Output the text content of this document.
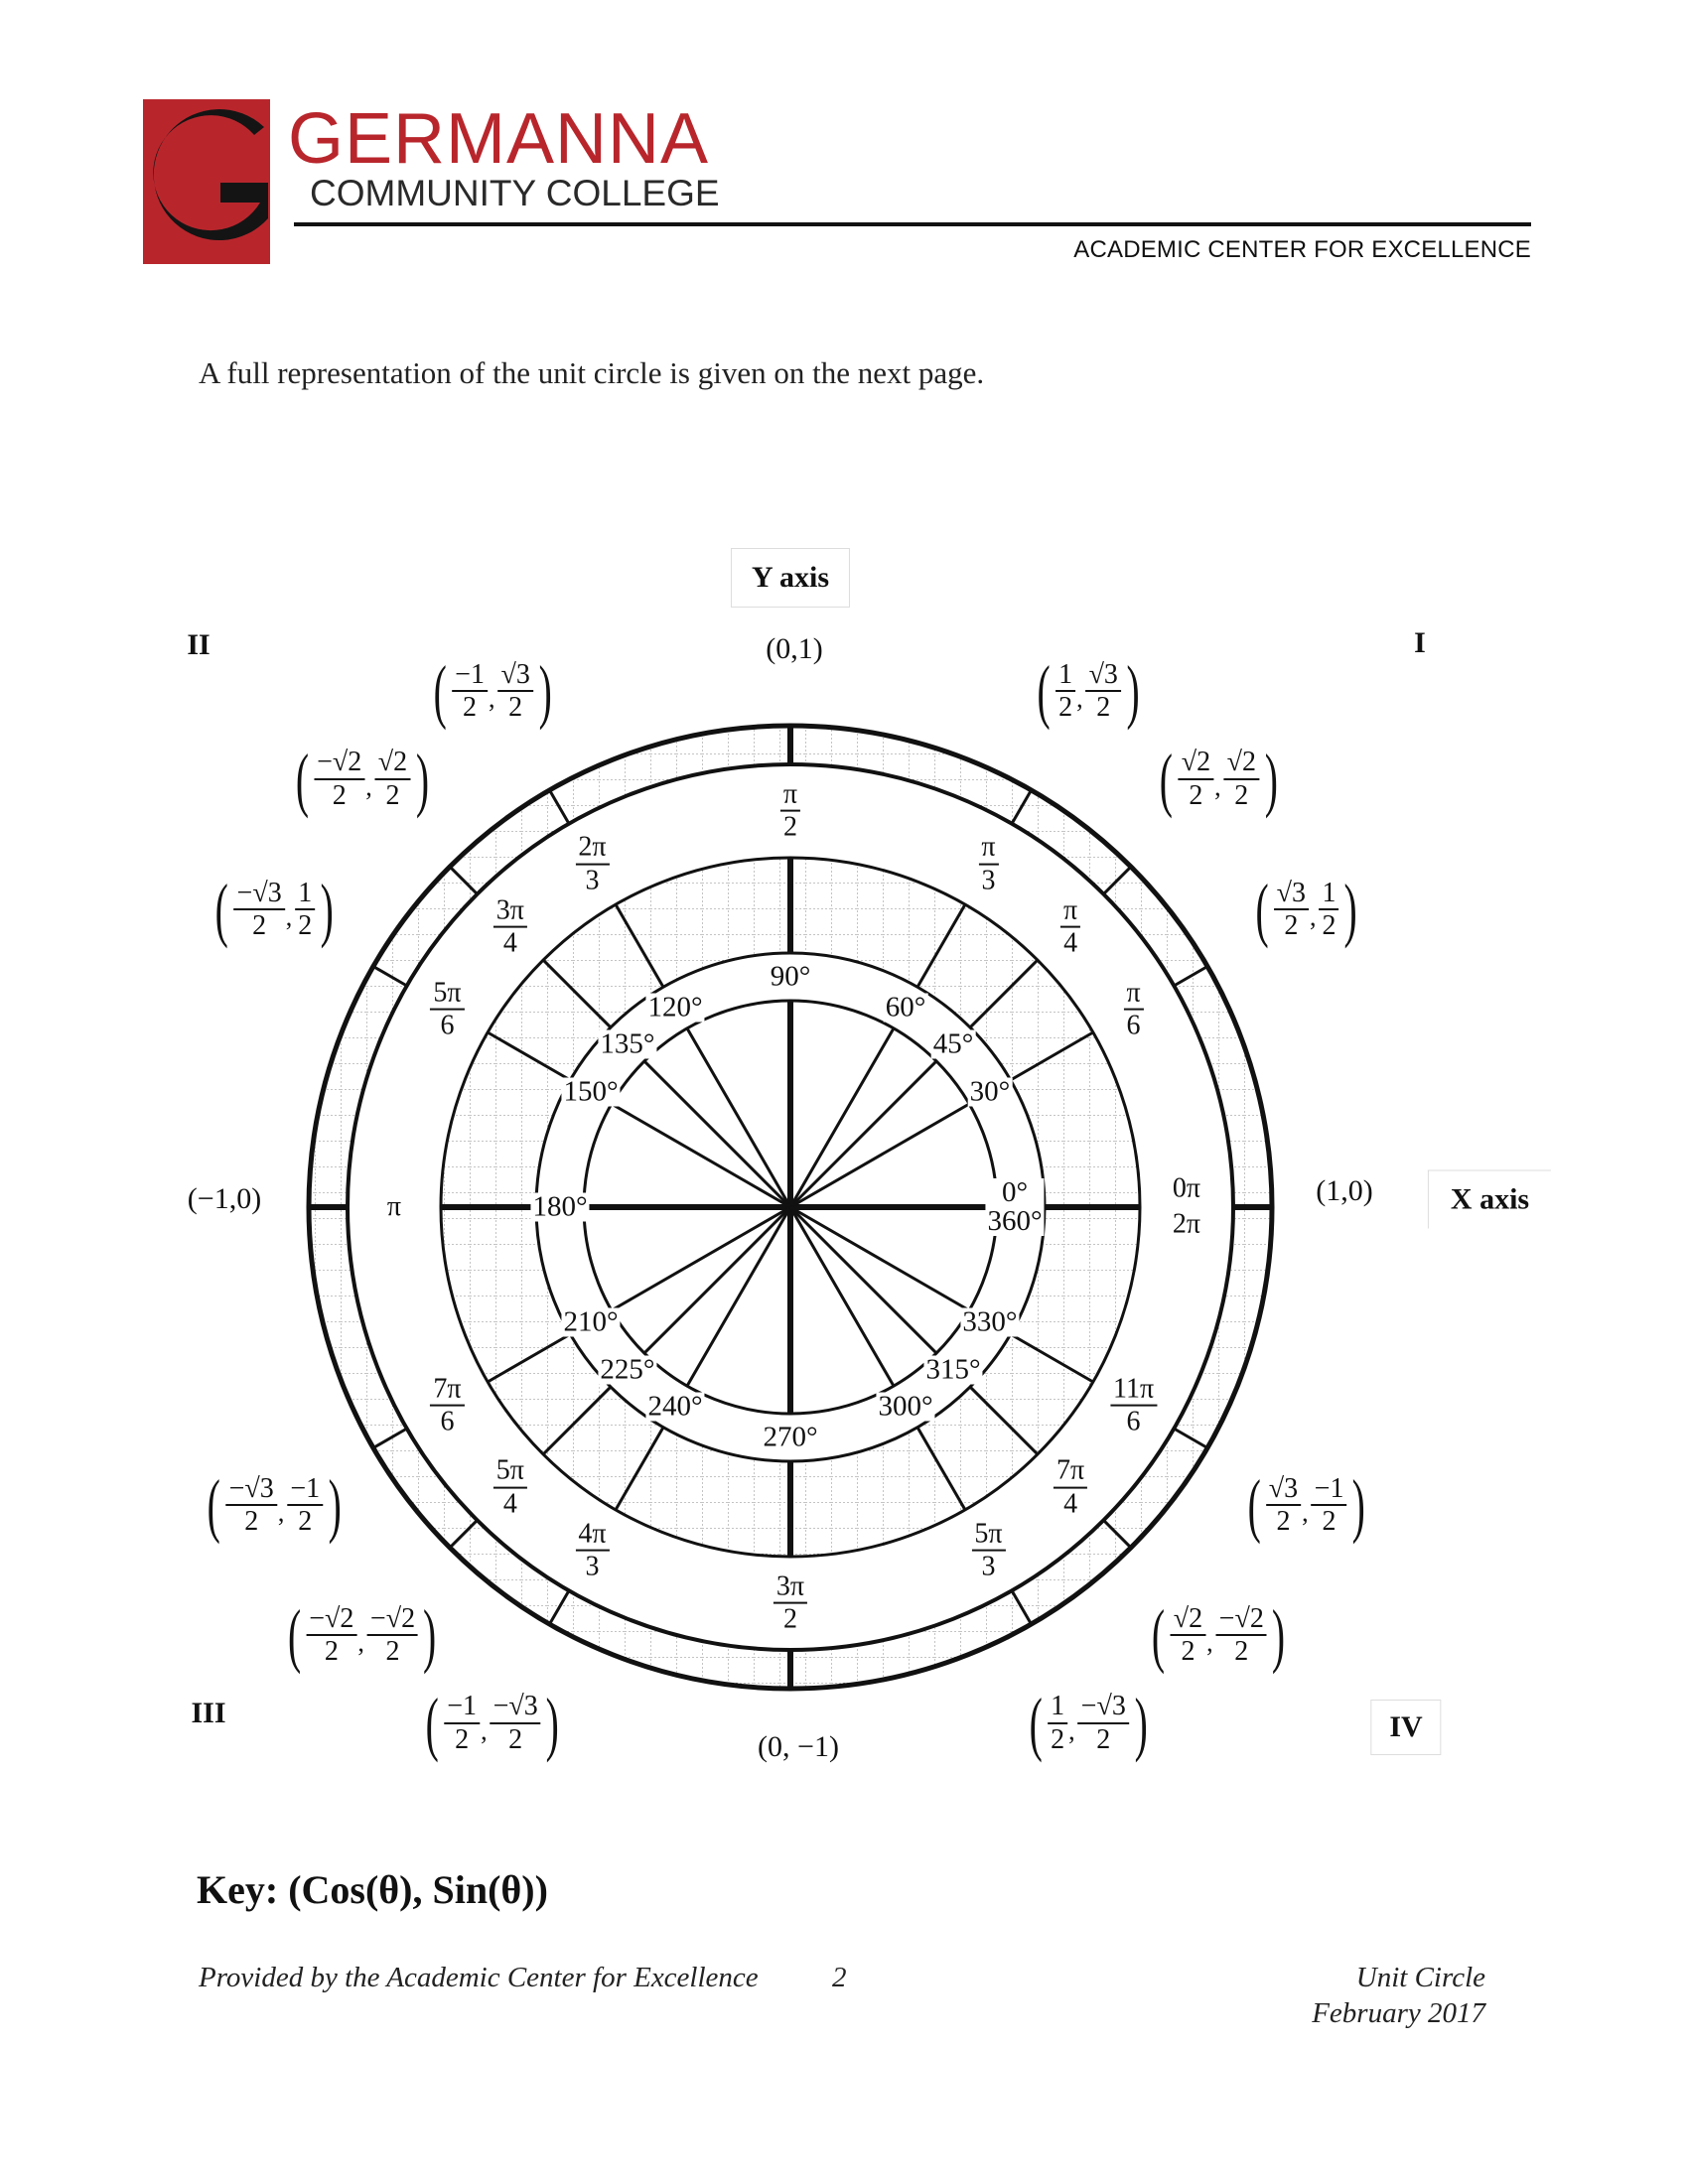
GERMANNA
COMMUNITY COLLEGE
ACADEMIC CENTER FOR EXCELLENCE
A full representation of the unit circle is given on the next page.
Y axis
X axis
II	I
III	IV
(0,1)
(0, −1)
(−1,0)	(1,0)
0°
360°
0π
2π
30°
$\frac{\pi}{6}$
( $\frac{√3}{2}$ , $\frac{1}{2}$ )
45°
$\frac{\pi}{4}$
( $\frac{√2}{2}$ , $\frac{√2}{2}$ )
60°
$\frac{\pi}{3}$
( $\frac{1}{2}$ , $\frac{√3}{2}$ )
90°
$\frac{\pi}{2}$
120°
$\frac{2\pi}{3}$
( $\frac{-1}{2}$ , $\frac{√3}{2}$ )
135°
$\frac{3\pi}{4}$
( $\frac{-√2}{2}$ , $\frac{√2}{2}$ )
150°
$\frac{5\pi}{6}$
( $\frac{-√3}{2}$ , $\frac{1}{2}$ )
180°
π
210°
$\frac{7\pi}{6}$
( $\frac{-√3}{2}$ , $\frac{-1}{2}$ )
225°
$\frac{5\pi}{4}$
( $\frac{-√2}{2}$ , $\frac{-√2}{2}$ )
240°
$\frac{4\pi}{3}$
( $\frac{-1}{2}$ , $\frac{-√3}{2}$ )
270°
$\frac{3\pi}{2}$
300°
$\frac{5\pi}{3}$
( $\frac{1}{2}$ , $\frac{-√3}{2}$ )
315°
$\frac{7\pi}{4}$
( $\frac{√2}{2}$ , $\frac{-√2}{2}$ )
330°
$\frac{11\pi}{6}$
( $\frac{√3}{2}$ , $\frac{-1}{2}$ )
Key: (Cos(θ), Sin(θ))
Provided by the Academic Center for Excellence	2	Unit Circle
February 2017
